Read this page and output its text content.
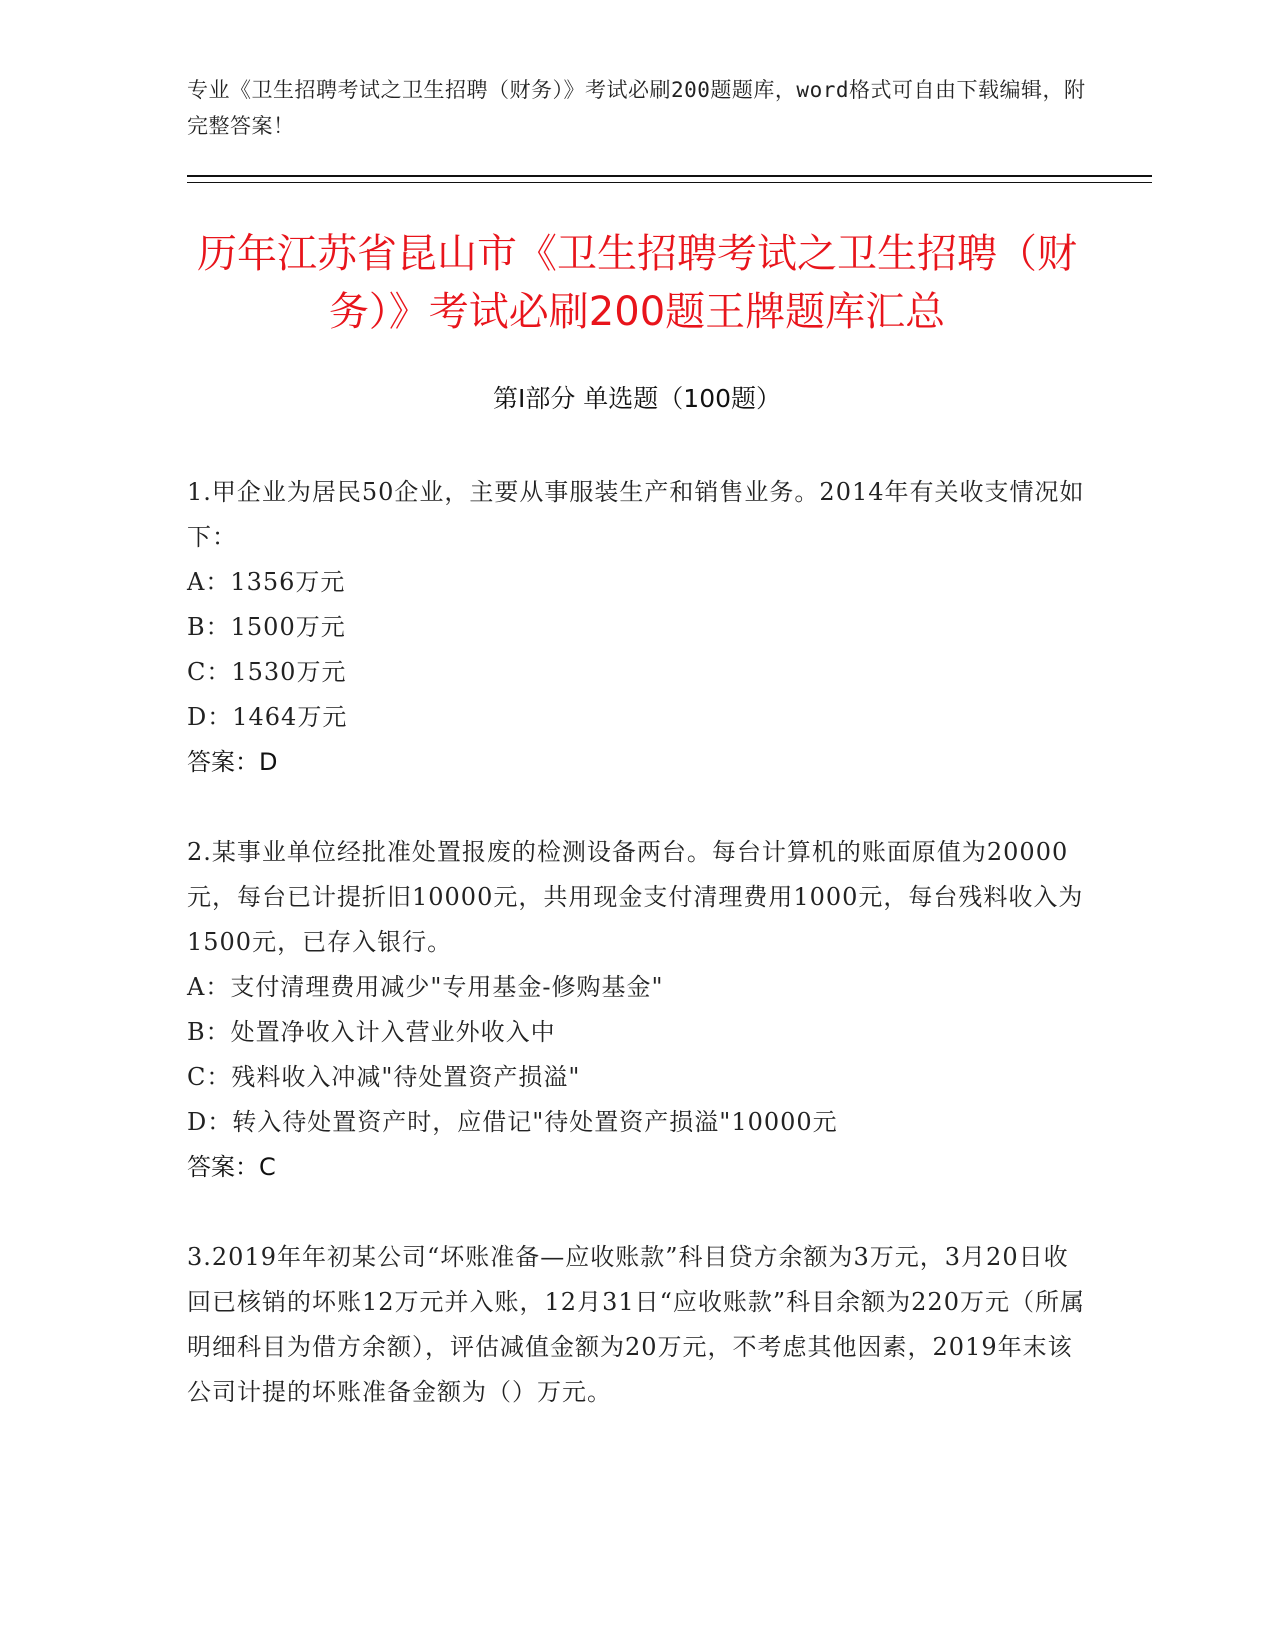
专业《卫生招聘考试之卫生招聘（财务）》考试必刷200题题库，word格式可自由下载编辑，附完整答案！
历年江苏省昆山市《卫生招聘考试之卫生招聘（财务）》考试必刷200题王牌题库汇总
第Ⅰ部分 单选题（100题）
1.甲企业为居民50企业，主要从事服装生产和销售业务。2014年有关收支情况如下：
A：1356万元
B：1500万元
C：1530万元
D：1464万元
答案：D
2.某事业单位经批准处置报废的检测设备两台。每台计算机的账面原值为20000元，每台已计提折旧10000元，共用现金支付清理费用1000元，每台残料收入为1500元，已存入银行。
A：支付清理费用减少"专用基金-修购基金"
B：处置净收入计入营业外收入中
C：残料收入冲减"待处置资产损溢"
D：转入待处置资产时，应借记"待处置资产损溢"10000元
答案：C
3.2019年年初某公司“坏账准备—应收账款”科目贷方余额为3万元，3月20日收回已核销的坏账12万元并入账，12月31日“应收账款”科目余额为220万元（所属明细科目为借方余额），评估减值金额为20万元，不考虑其他因素，2019年末该公司计提的坏账准备金额为（）万元。
